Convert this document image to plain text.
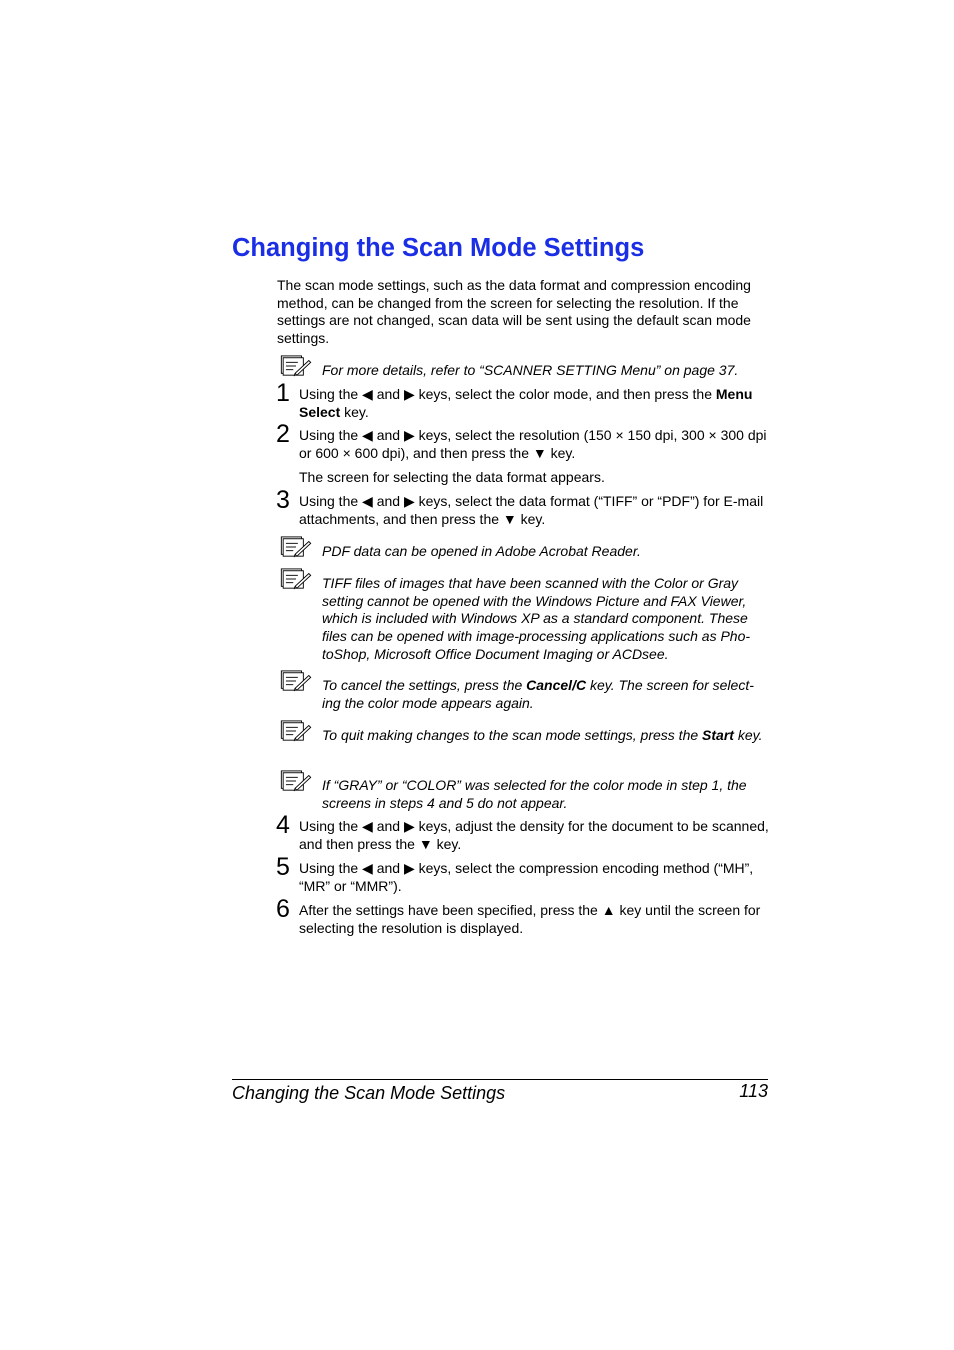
Changing the Scan Mode Settings

The scan mode settings, such as the data format and compression encoding method, can be changed from the screen for selecting the resolution. If the settings are not changed, scan data will be sent using the default scan mode settings.

For more details, refer to “SCANNER SETTING Menu” on page 37.

1 Using the ◀ and ▶ keys, select the color mode, and then press the Menu Select key.

2 Using the ◀ and ▶ keys, select the resolution (150 × 150 dpi, 300 × 300 dpi or 600 × 600 dpi), and then press the ▼ key.

The screen for selecting the data format appears.

3 Using the ◀ and ▶ keys, select the data format (“TIFF” or “PDF”) for E-mail attachments, and then press the ▼ key.

PDF data can be opened in Adobe Acrobat Reader.

TIFF files of images that have been scanned with the Color or Gray setting cannot be opened with the Windows Picture and FAX Viewer, which is included with Windows XP as a standard component. These files can be opened with image-processing applications such as Pho-toShop, Microsoft Office Document Imaging or ACDsee.

To cancel the settings, press the Cancel/C key. The screen for select-ing the color mode appears again.

To quit making changes to the scan mode settings, press the Start key.

If “GRAY” or “COLOR” was selected for the color mode in step 1, the screens in steps 4 and 5 do not appear.

4 Using the ◀ and ▶ keys, adjust the density for the document to be scanned, and then press the ▼ key.

5 Using the ◀ and ▶ keys, select the compression encoding method (“MH”, “MR” or “MMR”).

6 After the settings have been specified, press the ▲ key until the screen for selecting the resolution is displayed.

Changing the Scan Mode Settings	113
